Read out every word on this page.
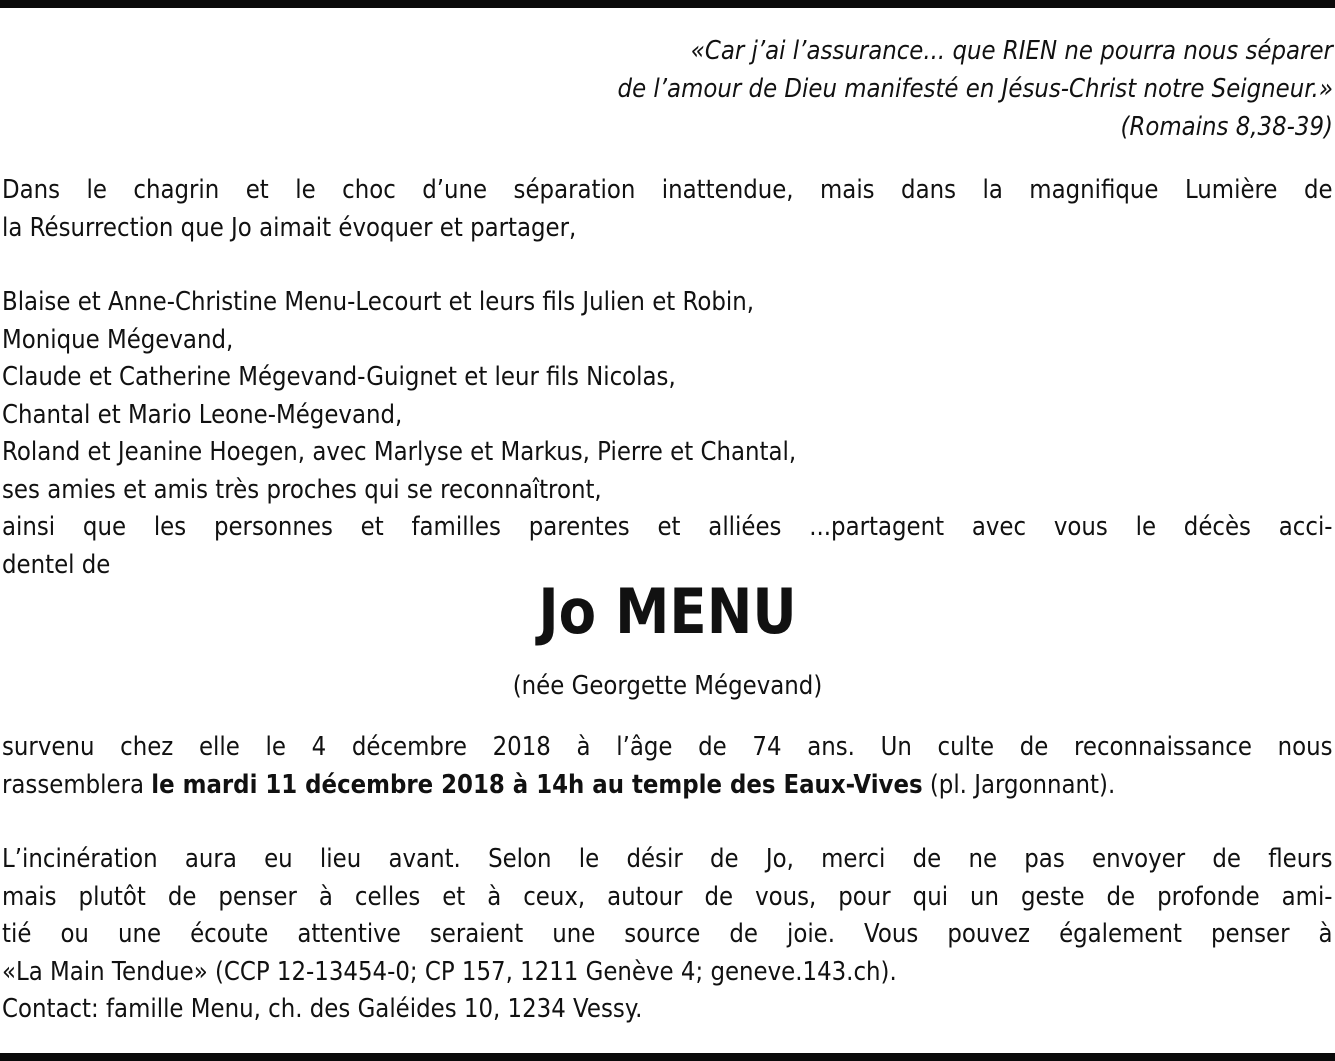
«Car j’ai l’assurance... que RIEN ne pourra nous séparer
de l’amour de Dieu manifesté en Jésus-Christ notre Seigneur.»
(Romains 8,38-39)
Dans le chagrin et le choc d’une séparation inattendue, mais dans la magnifique Lumière de
la Résurrection que Jo aimait évoquer et partager,
Blaise et Anne-Christine Menu-Lecourt et leurs fils Julien et Robin,
Monique Mégevand,
Claude et Catherine Mégevand-Guignet et leur fils Nicolas,
Chantal et Mario Leone-Mégevand,
Roland et Jeanine Hoegen, avec Marlyse et Markus, Pierre et Chantal,
ses amies et amis très proches qui se reconnaîtront,
ainsi que les personnes et familles parentes et alliées ...partagent avec vous le décès acci-
dentel de
Jo MENU
(née Georgette Mégevand)
survenu chez elle le 4 décembre 2018 à l’âge de 74 ans. Un culte de reconnaissance nous
rassemblera le mardi 11 décembre 2018 à 14h au temple des Eaux-Vives (pl. Jargonnant).
L’incinération aura eu lieu avant. Selon le désir de Jo, merci de ne pas envoyer de fleurs
mais plutôt de penser à celles et à ceux, autour de vous, pour qui un geste de profonde ami-
tié ou une écoute attentive seraient une source de joie. Vous pouvez également penser à
«La Main Tendue» (CCP 12-13454-0; CP 157, 1211 Genève 4; geneve.143.ch).
Contact: famille Menu, ch. des Galéides 10, 1234 Vessy.
